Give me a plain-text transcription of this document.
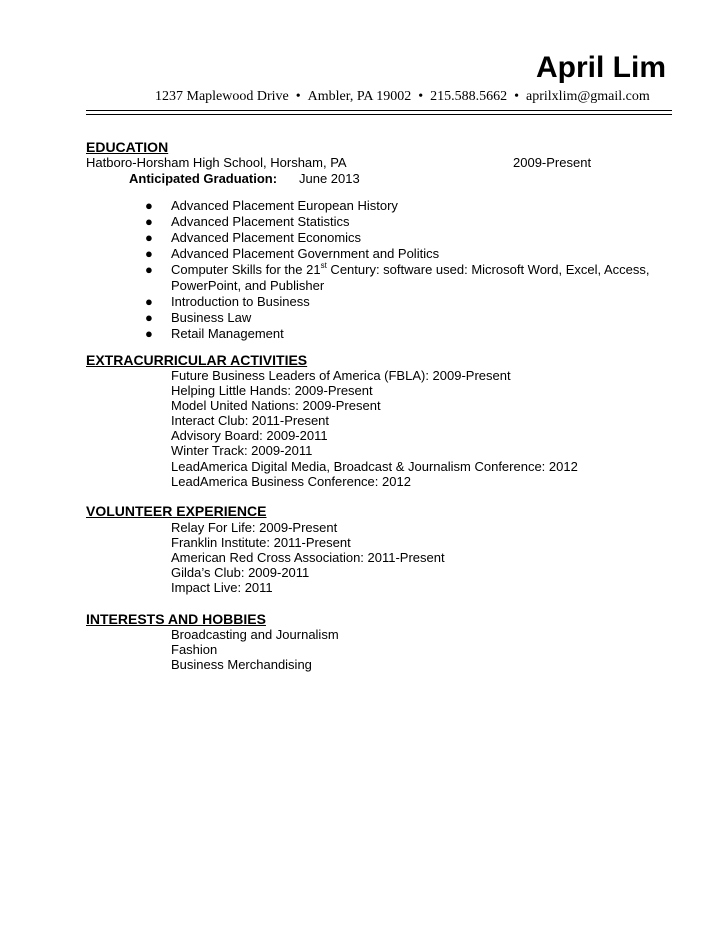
April Lim
1237 Maplewood Drive • Ambler, PA 19002 • 215.588.5662 • aprilxlim@gmail.com
EDUCATION
Hatboro-Horsham High School, Horsham, PA	2009-Present
Anticipated Graduation: June 2013
● Advanced Placement European History
● Advanced Placement Statistics
● Advanced Placement Economics
● Advanced Placement Government and Politics
● Computer Skills for the 21st Century: software used: Microsoft Word, Excel, Access, PowerPoint, and Publisher
● Introduction to Business
● Business Law
● Retail Management
EXTRACURRICULAR ACTIVITIES
Future Business Leaders of America (FBLA): 2009-Present
Helping Little Hands: 2009-Present
Model United Nations: 2009-Present
Interact Club: 2011-Present
Advisory Board: 2009-2011
Winter Track: 2009-2011
LeadAmerica Digital Media, Broadcast & Journalism Conference: 2012
LeadAmerica Business Conference: 2012
VOLUNTEER EXPERIENCE
Relay For Life: 2009-Present
Franklin Institute: 2011-Present
American Red Cross Association: 2011-Present
Gilda’s Club: 2009-2011
Impact Live: 2011
INTERESTS AND HOBBIES
Broadcasting and Journalism
Fashion
Business Merchandising
